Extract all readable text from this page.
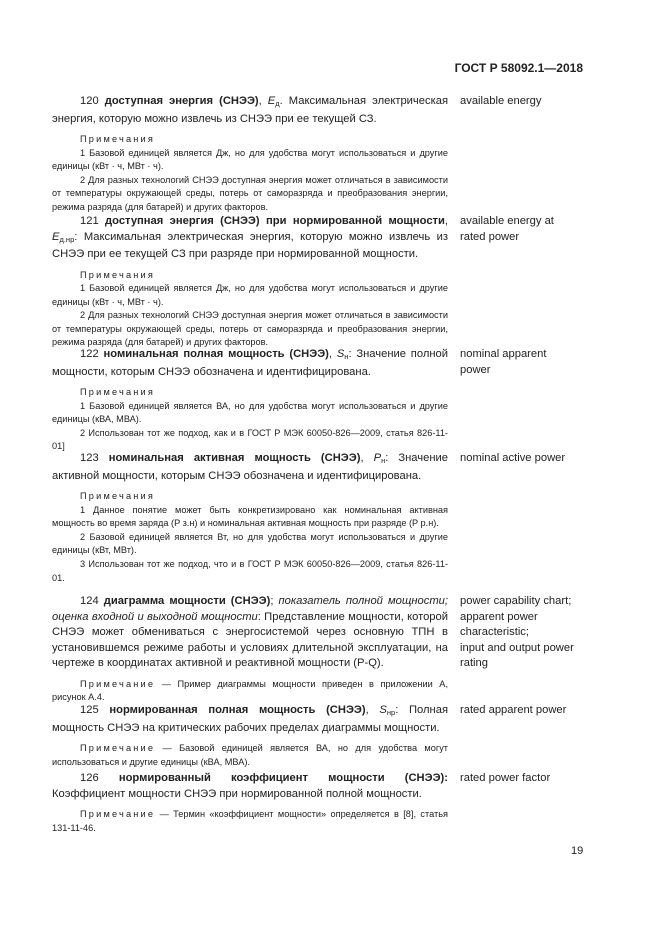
ГОСТ Р 58092.1—2018

120 доступная энергия (СНЭЭ), $E_д$. Максимальная электрическая энергия, которую можно извлечь из СНЭЭ при ее текущей СЗ.

Примечания

1 Базовой единицей является Дж, но для удобства могут использоваться и другие единицы (кВт · ч, МВт · ч).

2 Для разных технологий СНЭЭ доступная энергия может отличаться в зависимости от температуры окружающей среды, потерь от саморазряда и преобразования энергии, режима разряда (для батарей) и других факторов.

available energy

121 доступная энергия (СНЭЭ) при нормированной мощности, $E_{д.нр}$: Максимальная электрическая энергия, которую можно извлечь из СНЭЭ при ее текущей СЗ при разряде при нормированной мощности.

Примечания

1 Базовой единицей является Дж, но для удобства могут использоваться и другие единицы (кВт · ч, МВт · ч).

2 Для разных технологий СНЭЭ доступная энергия может отличаться в зависимости от температуры окружающей среды, потерь от саморазряда и преобразования энергии, режима разряда (для батарей) и других факторов.

available energy at
rated power

122 номинальная полная мощность (СНЭЭ), $S_н$: Значение полной мощности, которым СНЭЭ обозначена и идентифицирована.

Примечания

1 Базовой единицей является ВА, но для удобства могут использоваться и другие единицы (кВА, МВА).

2 Использован тот же подход, как и в ГОСТ Р МЭК 60050-826—2009, статья 826-11-01]

nominal apparent
power

123 номинальная активная мощность (СНЭЭ), $P_н$: Значение активной мощности, которым СНЭЭ обозначена и идентифицирована.

Примечания

1 Данное понятие может быть конкретизировано как номинальная активная мощность во время заряда (P з.н) и номинальная активная мощность при разряде (P р.н).

2 Базовой единицей является Вт, но для удобства могут использоваться и другие единицы (кВт, МВт).

3 Использован тот же подход, что и в ГОСТ Р МЭК 60050-826—2009, статья 826-11-01.

nominal active power

124 диаграмма мощности (СНЭЭ); показатель полной мощности; оценка входной и выходной мощности: Представление мощности, которой СНЭЭ может обмениваться с энергосистемой через основную ТПН в установившемся режиме работы и условиях длительной эксплуатации, на чертеже в координатах активной и реактивной мощности (P-Q).

Примечание — Пример диаграммы мощности приведен в приложении А, рисунок А.4.

power capability chart;
apparent power
characteristic;
input and output power
rating

125 нормированная полная мощность (СНЭЭ), $S_{нр}$: Полная мощность СНЭЭ на критических рабочих пределах диаграммы мощности.

Примечание — Базовой единицей является ВА, но для удобства могут использоваться и другие единицы (кВА, МВА).

rated apparent power

126 нормированный коэффициент мощности (СНЭЭ): Коэффициент мощности СНЭЭ при нормированной полной мощности.

Примечание — Термин «коэффициент мощности» определяется в [8], статья 131-11-46.

rated power factor
19
